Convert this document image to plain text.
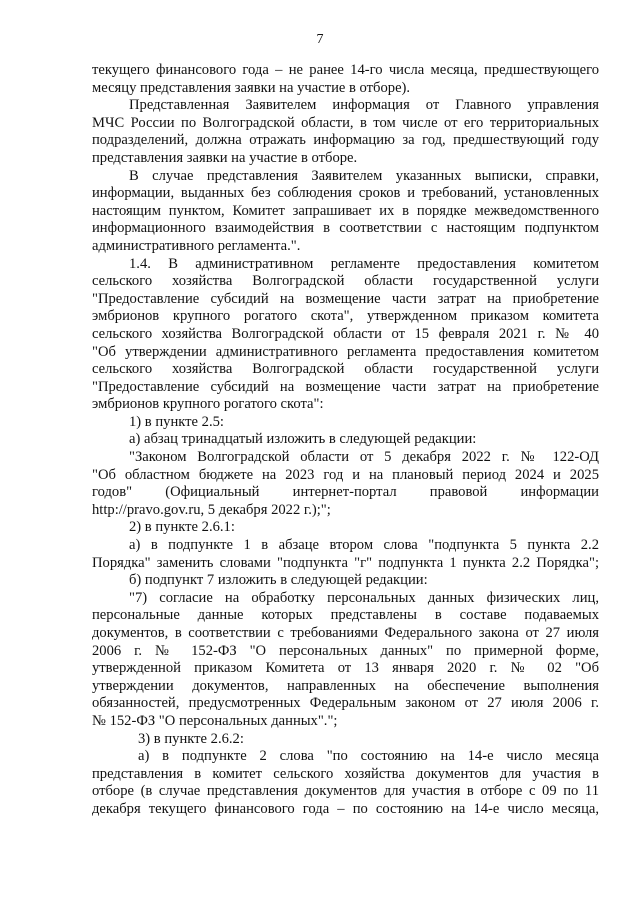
7
текущего финансового года – не ранее 14-го числа месяца, предшествующего
месяцу представления заявки на участие в отборе).
Представленная Заявителем информация от Главного управления
МЧС России по Волгоградской области, в том числе от его территориальных
подразделений, должна отражать информацию за год, предшествующий году
представления заявки на участие в отборе.
В случае представления Заявителем указанных выписки, справки,
информации, выданных без соблюдения сроков и требований, установленных
настоящим пунктом, Комитет запрашивает их в порядке межведомственного
информационного взаимодействия в соответствии с настоящим подпунктом
административного регламента.".
1.4. В административном регламенте предоставления комитетом
сельского хозяйства Волгоградской области государственной услуги
"Предоставление субсидий на возмещение части затрат на приобретение
эмбрионов крупного рогатого скота", утвержденном приказом комитета
сельского хозяйства Волгоградской области от 15 февраля 2021 г. № 40
"Об утверждении административного регламента предоставления комитетом
сельского хозяйства Волгоградской области государственной услуги
"Предоставление субсидий на возмещение части затрат на приобретение
эмбрионов крупного рогатого скота":
1) в пункте 2.5:
а) абзац тринадцатый изложить в следующей редакции:
"Законом Волгоградской области от 5 декабря 2022 г. № 122-ОД
"Об областном бюджете на 2023 год и на плановый период 2024 и 2025
годов" (Официальный интернет-портал правовой информации
http://pravo.gov.ru, 5 декабря 2022 г.);";
2) в пункте 2.6.1:
а) в подпункте 1 в абзаце втором слова "подпункта 5 пункта 2.2
Порядка" заменить словами "подпункта "г" подпункта 1 пункта 2.2 Порядка";
б) подпункт 7 изложить в следующей редакции:
"7) согласие на обработку персональных данных физических лиц,
персональные данные которых представлены в составе подаваемых
документов, в соответствии с требованиями Федерального закона от 27 июля
2006 г. № 152-ФЗ "О персональных данных" по примерной форме,
утвержденной приказом Комитета от 13 января 2020 г. № 02 "Об
утверждении документов, направленных на обеспечение выполнения
обязанностей, предусмотренных Федеральным законом от 27 июля 2006 г.
№ 152-ФЗ "О персональных данных".";
3) в пункте 2.6.2:
а) в подпункте 2 слова "по состоянию на 14-е число месяца
представления в комитет сельского хозяйства документов для участия в
отборе (в случае представления документов для участия в отборе с 09 по 11
декабря текущего финансового года – по состоянию на 14-е число месяца,
